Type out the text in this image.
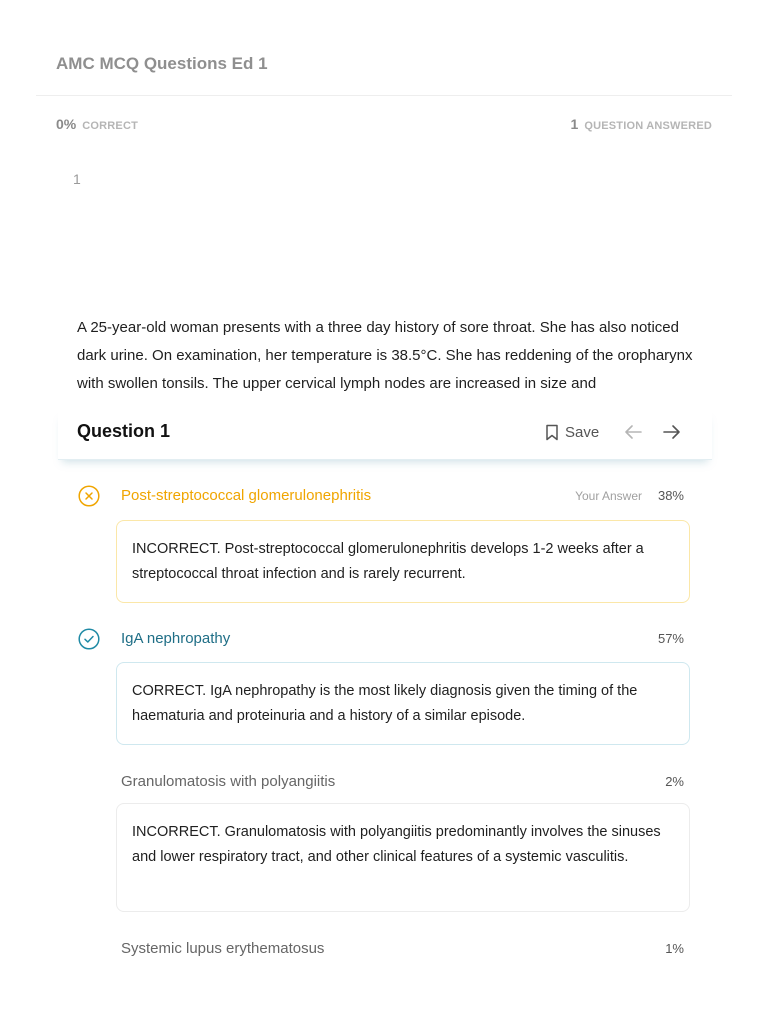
AMC MCQ Questions Ed 1
0% CORRECT	1 QUESTION ANSWERED
1
A 25-year-old woman presents with a three day history of sore throat. She has also noticed dark urine. On examination, her temperature is 38.5°C. She has reddening of the oropharynx with swollen tonsils. The upper cervical lymph nodes are increased in size and
Question 1	Save
Post-streptococcal glomerulonephritis	Your Answer 38%
INCORRECT. Post-streptococcal glomerulonephritis develops 1-2 weeks after a streptococcal throat infection and is rarely recurrent.
IgA nephropathy	57%
CORRECT. IgA nephropathy is the most likely diagnosis given the timing of the haematuria and proteinuria and a history of a similar episode.
Granulomatosis with polyangiitis	2%
INCORRECT. Granulomatosis with polyangiitis predominantly involves the sinuses and lower respiratory tract, and other clinical features of a systemic vasculitis.
Systemic lupus erythematosus	1%
